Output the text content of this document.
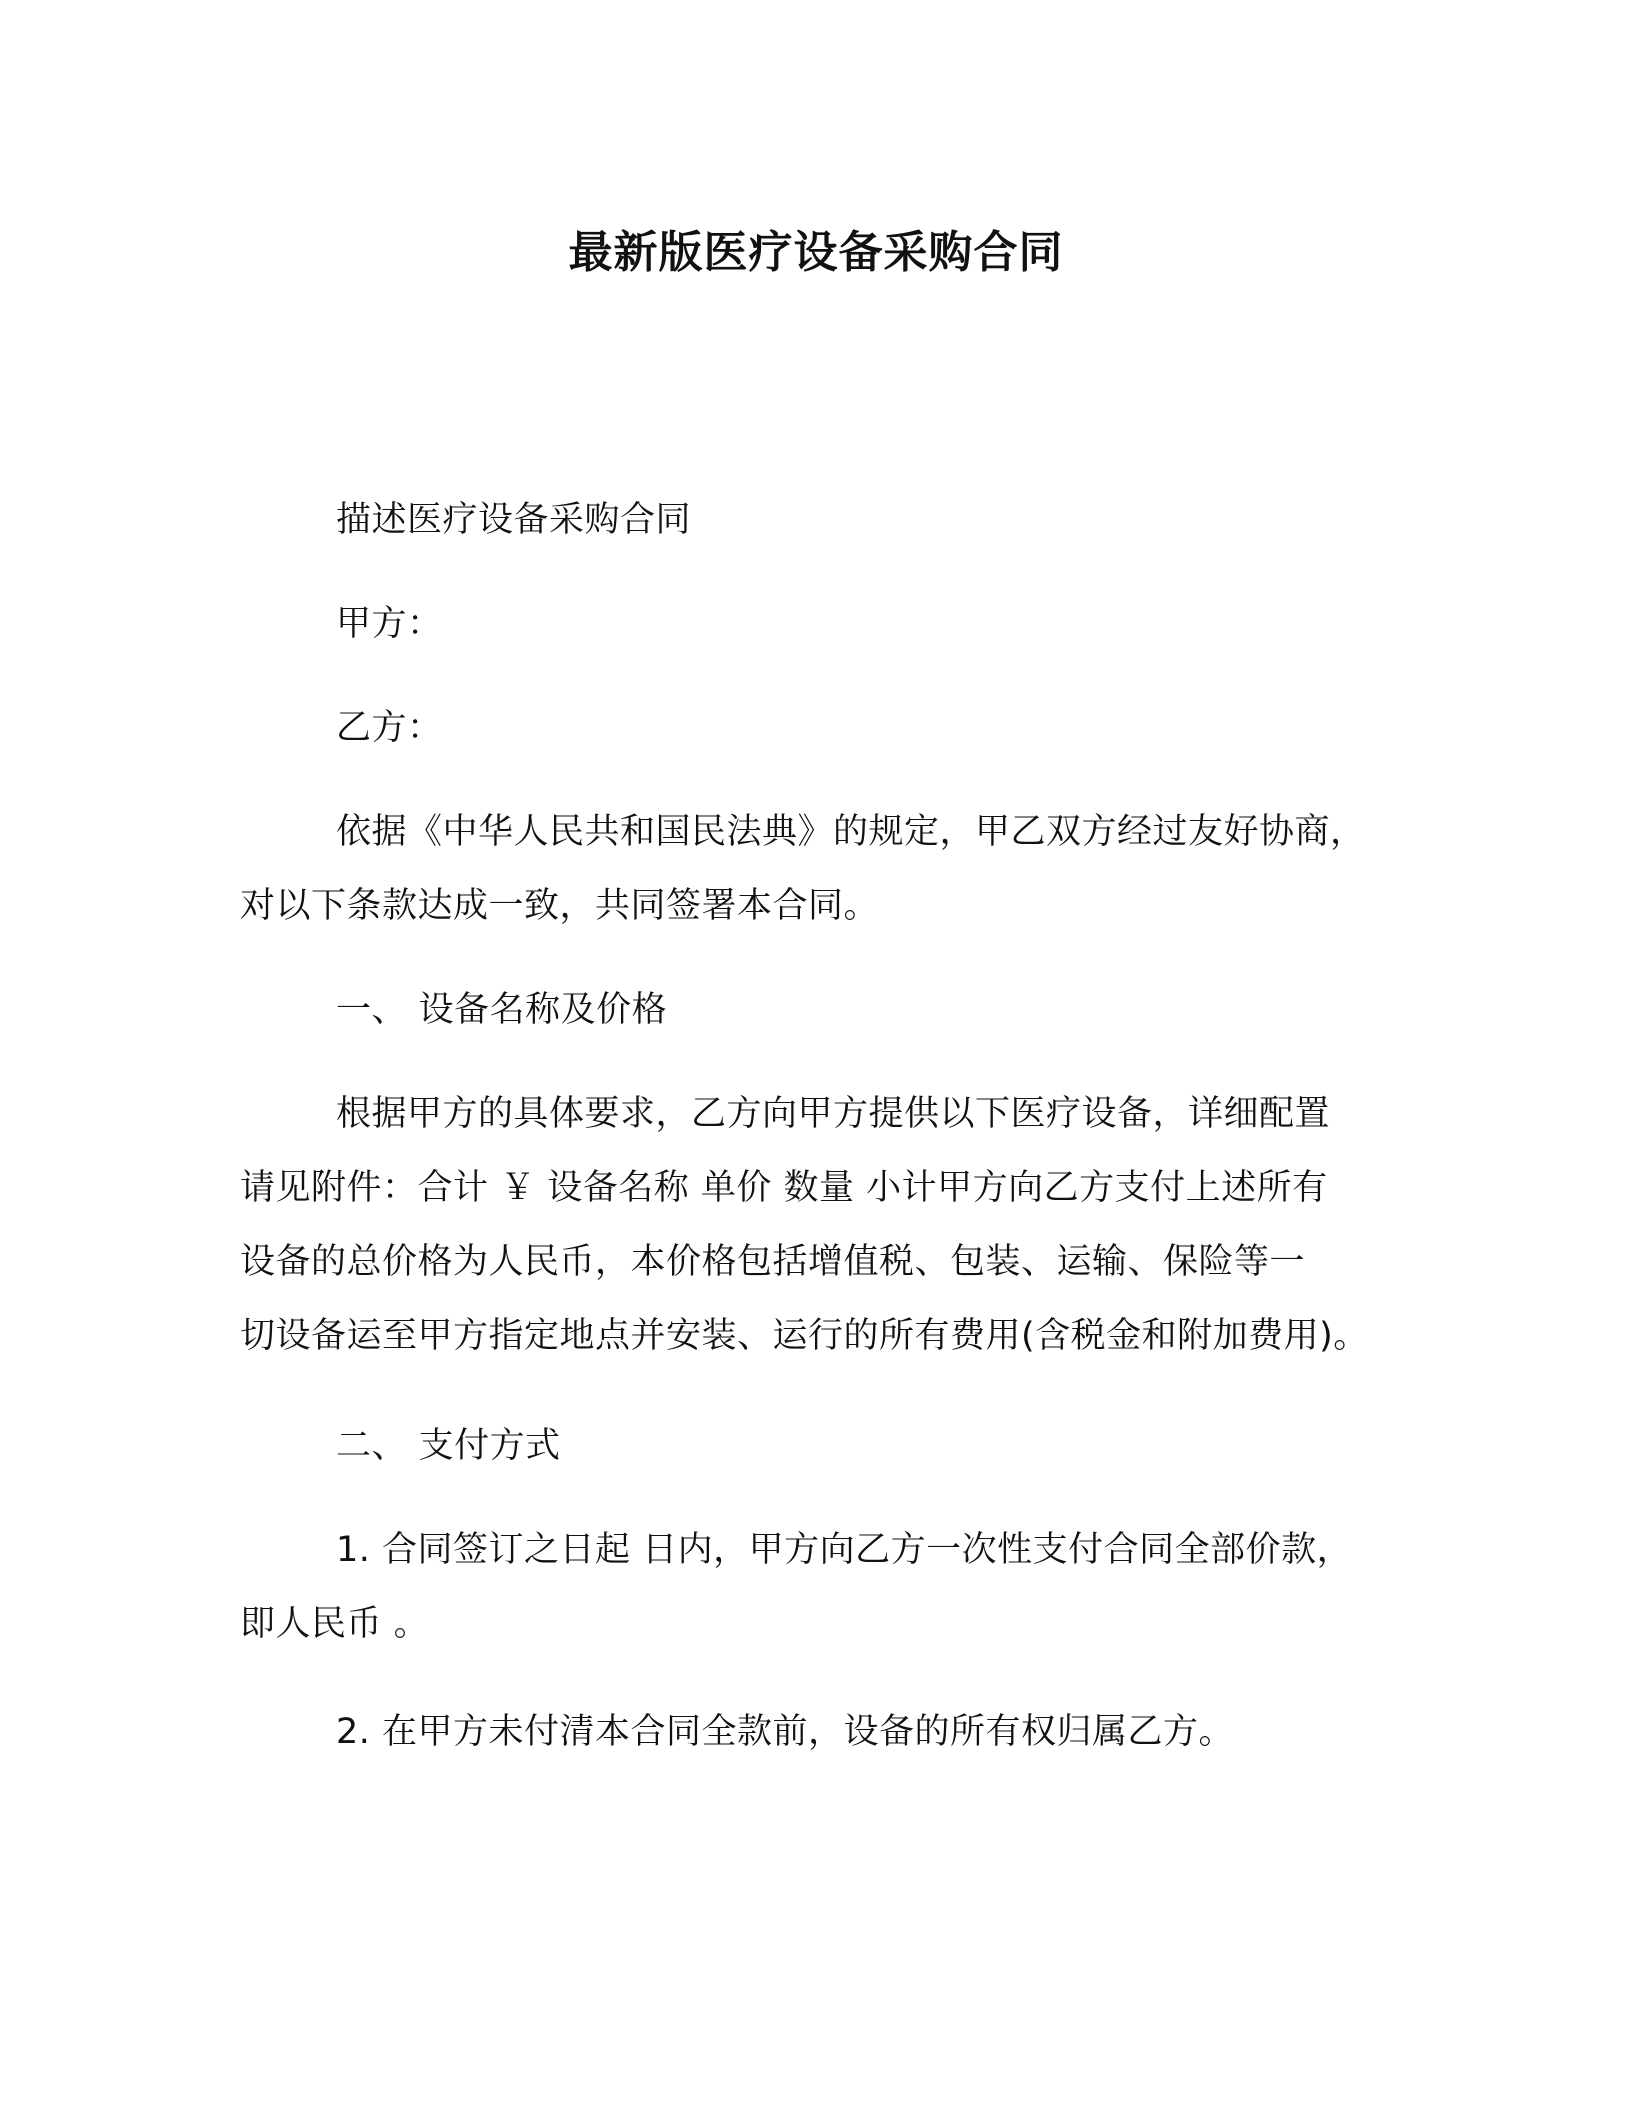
最新版医疗设备采购合同
描述医疗设备采购合同
甲方：
乙方：
依据《中华人民共和国民法典》的规定，甲乙双方经过友好协商，
对以下条款达成一致，共同签署本合同。
一、 设备名称及价格
根据甲方的具体要求，乙方向甲方提供以下医疗设备，详细配置
请见附件：合计 ￥ 设备名称 单价 数量 小计甲方向乙方支付上述所有
设备的总价格为人民币，本价格包括增值税、包装、运输、保险等一
切设备运至甲方指定地点并安装、运行的所有费用(含税金和附加费用)。
二、 支付方式
1. 合同签订之日起 日内，甲方向乙方一次性支付合同全部价款，
即人民币 。
2. 在甲方未付清本合同全款前，设备的所有权归属乙方。
